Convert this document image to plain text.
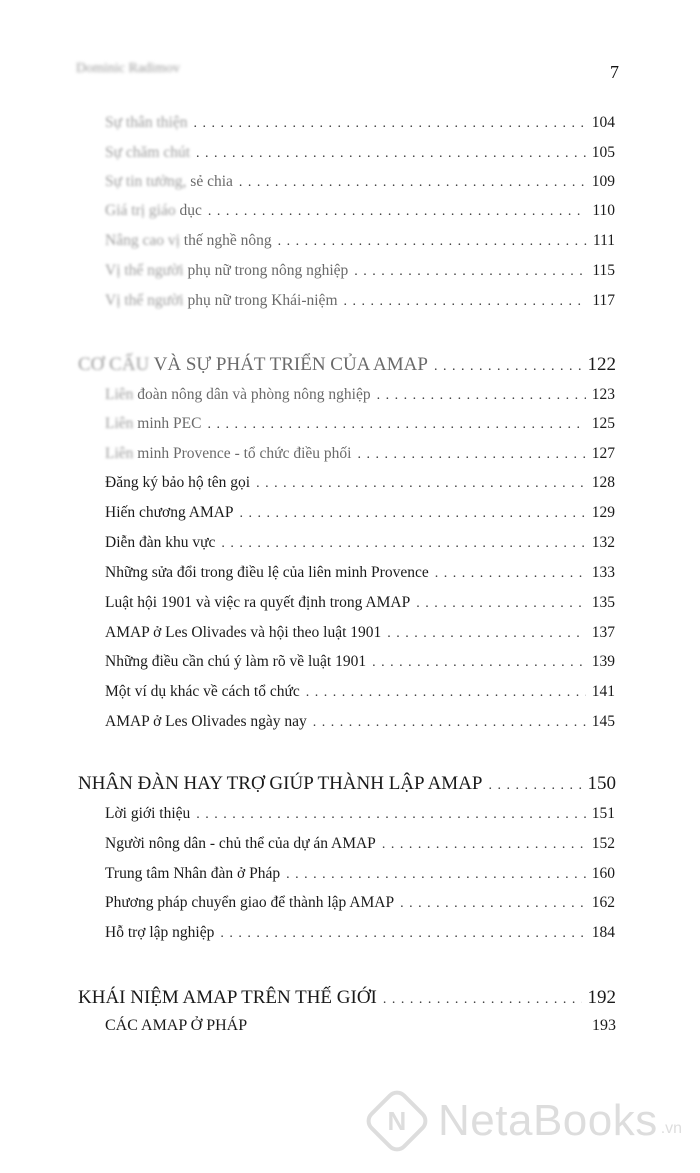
Dominic Radimov	7
Sự thân thiện . . .	104
Sự chăm chút . . .	105
Sự tin tưởng, sẻ chia . . .	109
Giá trị giáo dục . . .	110
Nâng cao vị thế nghề nông . . .	111
Vị thế người phụ nữ trong nông nghiệp . . .	115
Vị thế người phụ nữ trong Khái-niệm . . .	117
CƠ CẤU VÀ SỰ PHÁT TRIỂN CỦA AMAP . . .	122
Liên đoàn nông dân và phòng nông nghiệp . . .	123
Liên minh PEC . . .	125
Liên minh Provence - tổ chức điều phối . . .	127
Đăng ký bảo hộ tên gọi . . .	128
Hiến chương AMAP . . .	129
Diễn đàn khu vực . . .	132
Những sửa đổi trong điều lệ của liên minh Provence . . .	133
Luật hội 1901 và việc ra quyết định trong AMAP . . .	135
AMAP ở Les Olivades và hội theo luật 1901 . . .	137
Những điều cần chú ý làm rõ về luật 1901 . . .	139
Một ví dụ khác về cách tổ chức . . .	141
AMAP ở Les Olivades ngày nay . . .	145
NHÂN ĐÀN HAY TRỢ GIÚP THÀNH LẬP AMAP . . .	150
Lời giới thiệu . . .	151
Người nông dân - chủ thể của dự án AMAP . . .	152
Trung tâm Nhân đàn ở Pháp . . .	160
Phương pháp chuyển giao để thành lập AMAP . . .	162
Hỗ trợ lập nghiệp . . .	184
KHÁI NIỆM AMAP TRÊN THẾ GIỚI . . .	192
CÁC AMAP Ở PHÁP	193
N NetaBooks .vn
